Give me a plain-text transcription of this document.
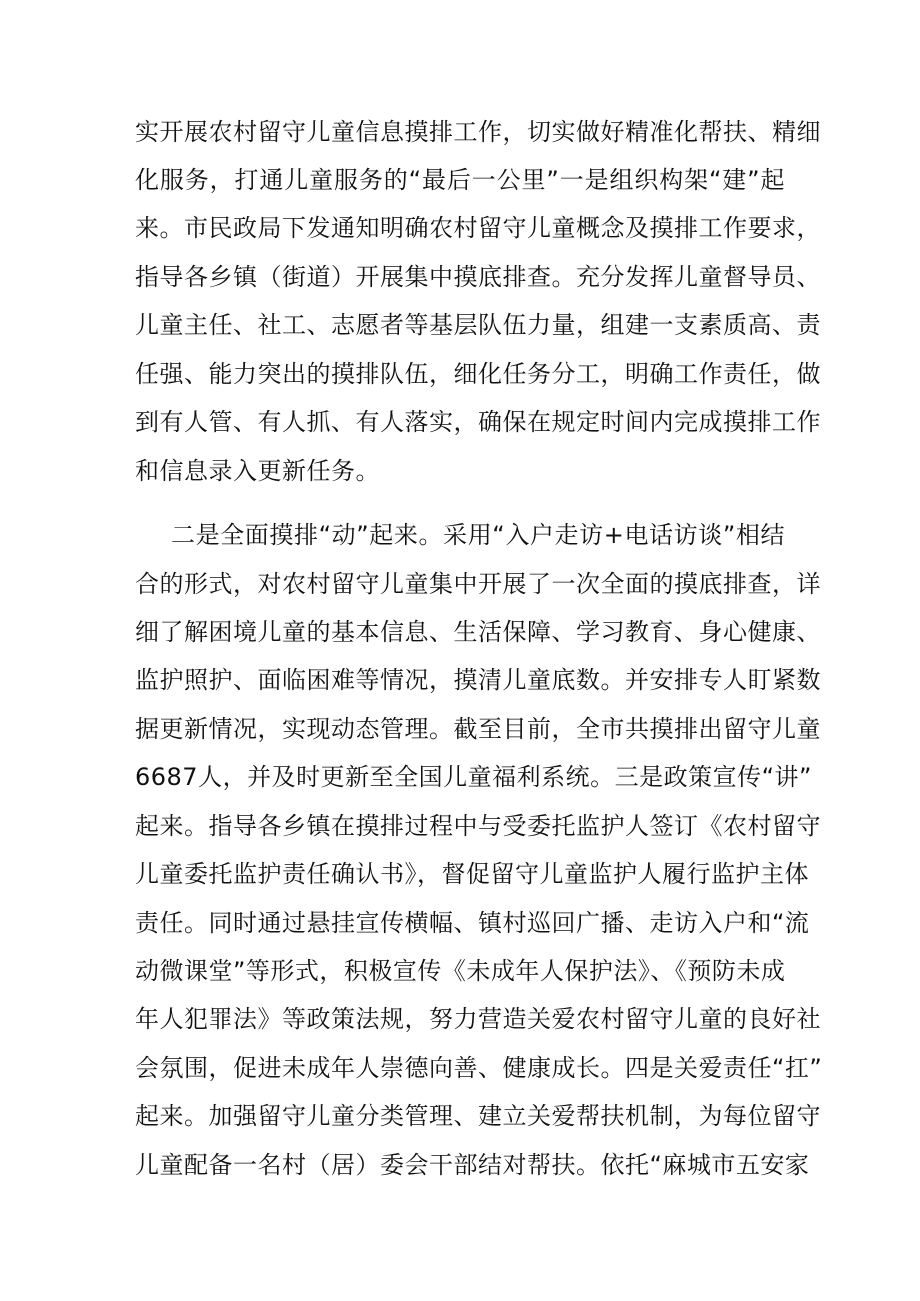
实开展农村留守儿童信息摸排工作，切实做好精准化帮扶、精细
化服务，打通儿童服务的“最后一公里”一是组织构架“建”起
来。市民政局下发通知明确农村留守儿童概念及摸排工作要求，
指导各乡镇（街道）开展集中摸底排查。充分发挥儿童督导员、
儿童主任、社工、志愿者等基层队伍力量，组建一支素质高、责
任强、能力突出的摸排队伍，细化任务分工，明确工作责任，做
到有人管、有人抓、有人落实，确保在规定时间内完成摸排工作
和信息录入更新任务。
二是全面摸排“动”起来。采用“入户走访+电话访谈”相结
合的形式，对农村留守儿童集中开展了一次全面的摸底排查，详
细了解困境儿童的基本信息、生活保障、学习教育、身心健康、
监护照护、面临困难等情况，摸清儿童底数。并安排专人盯紧数
据更新情况，实现动态管理。截至目前，全市共摸排出留守儿童
6687人，并及时更新至全国儿童福利系统。三是政策宣传“讲”
起来。指导各乡镇在摸排过程中与受委托监护人签订《农村留守
儿童委托监护责任确认书》，督促留守儿童监护人履行监护主体
责任。同时通过悬挂宣传横幅、镇村巡回广播、走访入户和“流
动微课堂”等形式，积极宣传《未成年人保护法》、《预防未成
年人犯罪法》等政策法规，努力营造关爱农村留守儿童的良好社
会氛围，促进未成年人崇德向善、健康成长。四是关爱责任“扛”
起来。加强留守儿童分类管理、建立关爱帮扶机制，为每位留守
儿童配备一名村（居）委会干部结对帮扶。依托“麻城市五安家
